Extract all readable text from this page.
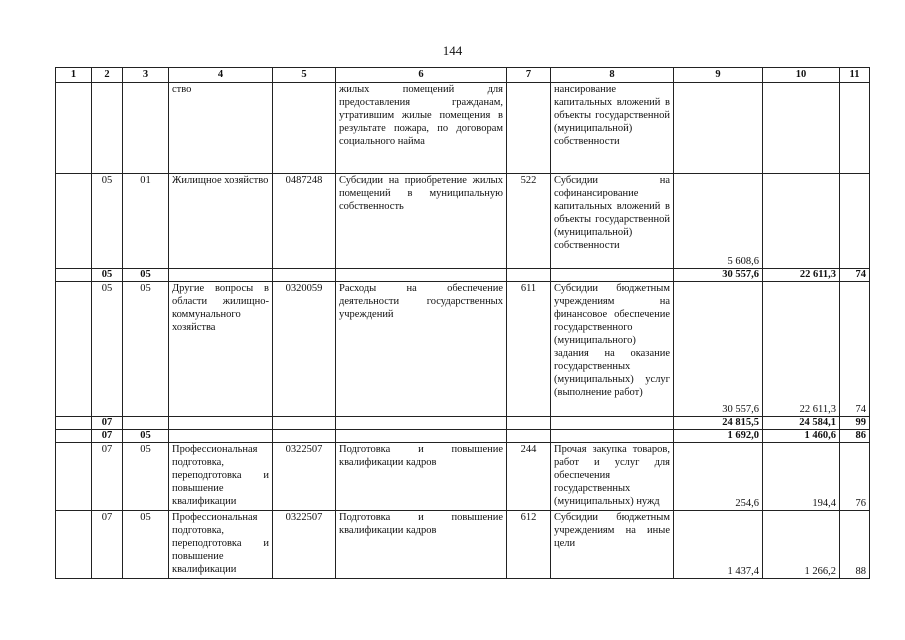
144
1	2	3	4	5	6	7	8	9	10	11
			ство		жилых помещений для предоставления гражданам, утратившим жилые помещения в результате пожара, по договорам социального найма		нансирование капитальных вложений в объекты государственной (муниципальной) собственности			
	05	01	Жилищное хозяйство	0487248	Субсидии на приобретение жилых помещений в муниципальную собственность	522	Субсидии на софинансирование капитальных вложений в объекты государственной (муниципальной) собственности	5 608,6		
	05	05						30 557,6	22 611,3	74
	05	05	Другие вопросы в области жилищно-коммунального хозяйства	0320059	Расходы на обеспечение деятельности государственных учреждений	611	Субсидии бюджетным учреждениям на финансовое обеспечение государственного (муниципального) задания на оказание государственных (муниципальных) услуг (выполнение работ)	30 557,6	22 611,3	74
	07							24 815,5	24 584,1	99
	07	05						1 692,0	1 460,6	86
	07	05	Профессиональная подготовка, переподготовка и повышение квалификации	0322507	Подготовка и повышение квалификации кадров	244	Прочая закупка товаров, работ и услуг для обеспечения государственных (муниципальных) нужд	254,6	194,4	76
	07	05	Профессиональная подготовка, переподготовка и повышение квалификации	0322507	Подготовка и повышение квалификации кадров	612	Субсидии бюджетным учреждениям на иные цели	1 437,4	1 266,2	88
